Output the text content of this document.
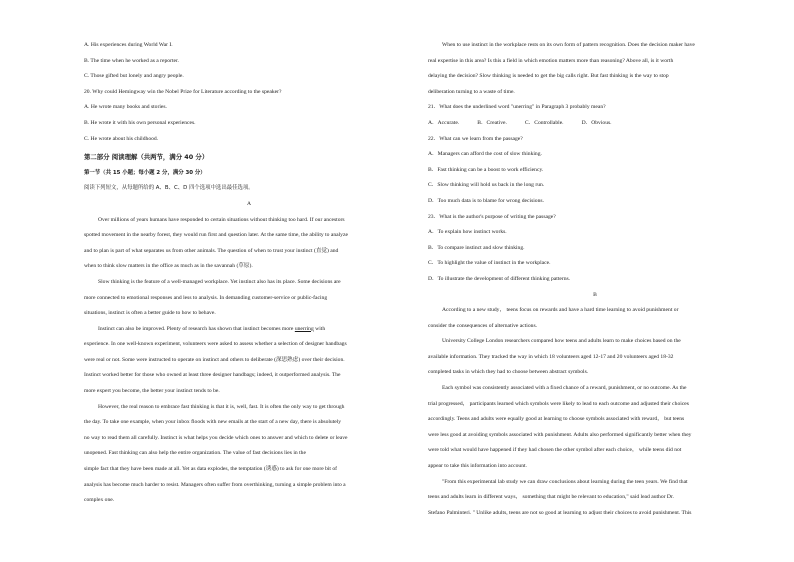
A. His experiences during World War I.
B. The time when he worked as a reporter.
C. Those gifted but lonely and angry people.
20. Why could Hemingway win the Nobel Prize for Literature according to the speaker?
A. He wrote many books and stories.
B. He wrote it with his own personal experiences.
C. He wrote about his childhood.
第二部分 阅读理解（共两节，满分 40 分）
第一节（共 15 小题；每小题 2 分，满分 30 分）
阅读下列短文，从每题所给的 A、B、C、D 四个选项中选出最佳选项。
A
Over millions of years humans have responded to certain situations without thinking too hard. If our ancestors
spotted movement in the nearby forest, they would run first and question later. At the same time, the ability to analyze
and to plan is part of what separates us from other animals. The question of when to trust your instinct (直觉) and
when to think slow matters in the office as much as in the savannah (草原).
Slow thinking is the feature of a well-managed workplace. Yet instinct also has its place. Some decisions are
more connected to emotional responses and less to analysis. In demanding customer-service or public-facing
situations, instinct is often a better guide to how to behave.
Instinct can also be improved. Plenty of research has shown that instinct becomes more unerring with
experience. In one well-known experiment, volunteers were asked to assess whether a selection of designer handbags
were real or not. Some were instructed to operate on instinct and others to deliberate (深思熟虑) over their decision.
Instinct worked better for those who owned at least three designer handbags; indeed, it outperformed analysis. The
more expert you become, the better your instinct tends to be.
However, the real reason to embrace fast thinking is that it is, well, fast. It is often the only way to get through
the day. To take one example, when your inbox floods with new emails at the start of a new day, there is absolutely
no way to read them all carefully. Instinct is what helps you decide which ones to answer and which to delete or leave
unopened. Fast thinking can also help the entire organization. The value of fast decisions lies in the
simple fact that they have been made at all. Yet as data explodes, the temptation (诱惑) to ask for one more bit of
analysis has become much harder to resist. Managers often suffer from overthinking, turning a simple problem into a
complex one.
When to use instinct in the workplace rests on its own form of pattern recognition. Does the decision maker have
real expertise in this area? Is this a field in which emotion matters more than reasoning? Above all, is it worth
delaying the decision? Slow thinking is needed to get the big calls right. But fast thinking is the way to stop
deliberation turning to a waste of time.
21．What does the underlined word "unerring" in Paragraph 3 probably mean?
A．Accurate.	B．Creative.	C．Controllable.	D．Obvious.
22．What can we learn from the passage?
A．Managers can afford the cost of slow thinking.
B．Fast thinking can be a boost to work efficiency.
C．Slow thinking will hold us back in the long run.
D．Too much data is to blame for wrong decisions.
23．What is the author's purpose of writing the passage?
A．To explain how instinct works.
B．To compare instinct and slow thinking.
C．To highlight the value of instinct in the workplace.
D．To illustrate the development of different thinking patterns.
B
According to a new study， teens focus on rewards and have a hard time learning to avoid punishment or
consider the consequences of alternative actions.
University College London researchers compared how teens and adults learn to make choices based on the
available information. They tracked the way in which 18 volunteers aged 12-17 and 20 volunteers aged 18-32
completed tasks in which they had to choose between abstract symbols.
Each symbol was consistently associated with a fixed chance of a reward, punishment, or no outcome. As the
trial progressed， participants learned which symbols were likely to lead to each outcome and adjusted their choices
accordingly. Teens and adults were equally good at learning to choose symbols associated with reward， but teens
were less good at avoiding symbols associated with punishment. Adults also performed significantly better when they
were told what would have happened if they had chosen the other symbol after each choice， while teens did not
appear to take this information into account.
"From this experimental lab study we can draw conclusions about learning during the teen years. We find that
teens and adults learn in different ways， something that might be relevant to education," said lead author Dr.
Stefano Palminteri. " Unlike adults, teens are not so good at learning to adjust their choices to avoid punishment. This
